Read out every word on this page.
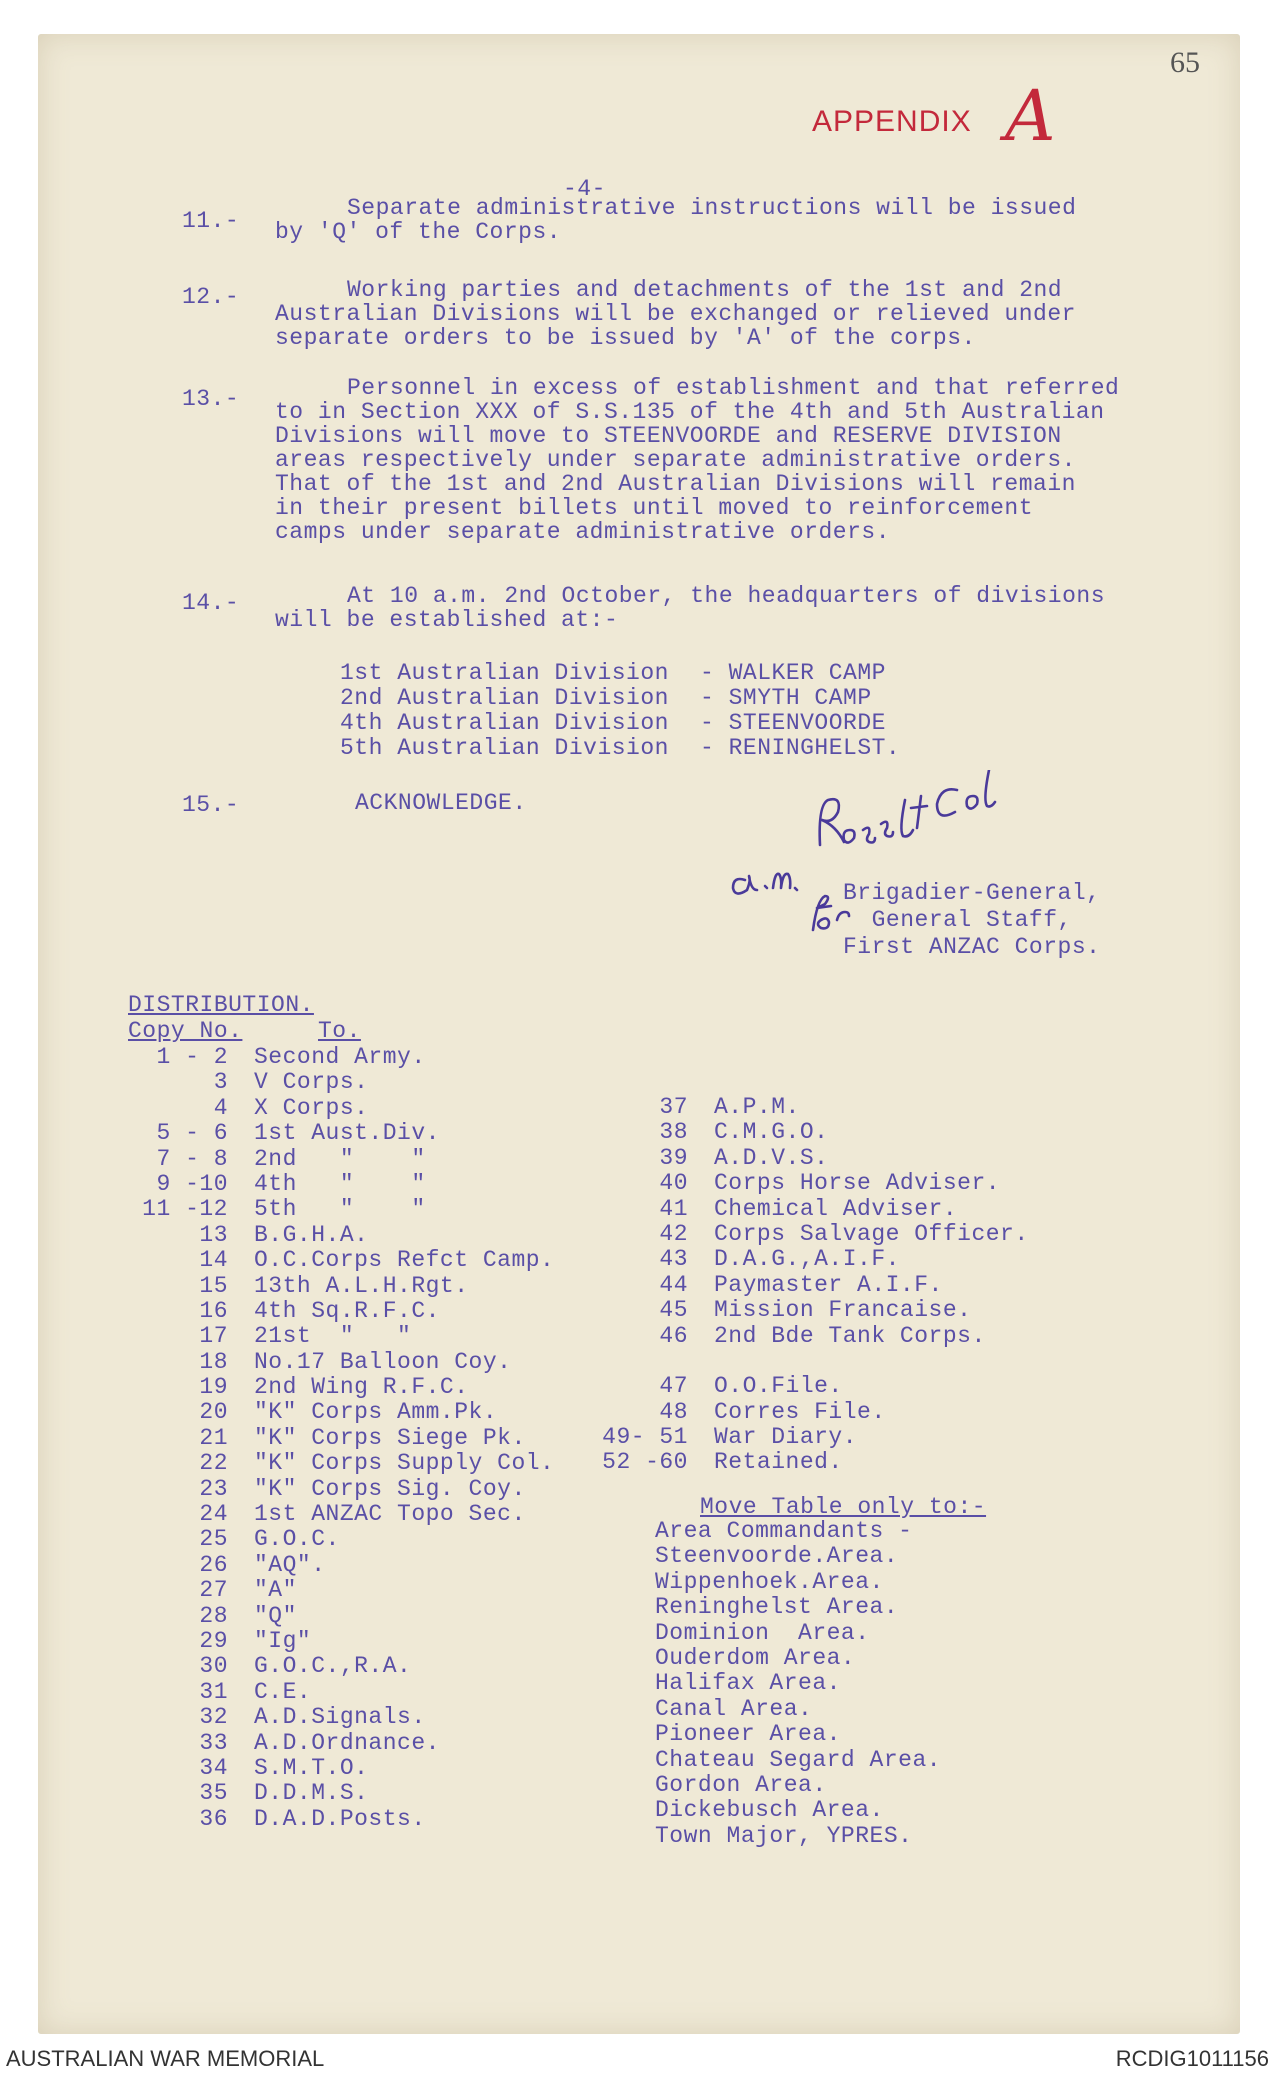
65
APPENDIX A
-4-
11.-	Separate administrative instructions will be issued
by 'Q' of the Corps.
12.-	Working parties and detachments of the 1st and 2nd
Australian Divisions will be exchanged or relieved under
separate orders to be issued by 'A' of the corps.
13.-	Personnel in excess of establishment and that referred
to in Section XXX of S.S.135 of the 4th and 5th Australian
Divisions will move to STEENVOORDE and RESERVE DIVISION
areas respectively under separate administrative orders.
That of the 1st and 2nd Australian Divisions will remain
in their present billets until moved to reinforcement
camps under separate administrative orders.
14.-	At 10 a.m. 2nd October, the headquarters of divisions
will be established at:-
1st Australian Division - WALKER CAMP
2nd Australian Division - SMYTH CAMP
4th Australian Division - STEENVOORDE
5th Australian Division - RENINGHELST.
15.-	ACKNOWLEDGE.
Brigadier-General,
General Staff,
First ANZAC Corps.
DISTRIBUTION.
Copy No.	To.
1 - 2 Second Army.
3 V Corps.
4 X Corps.
5 - 6 1st Aust.Div.
7 - 8 2nd   "    "
9 -10 4th   "    "
11 -12 5th   "    "
13 B.G.H.A.
14 O.C.Corps Refct Camp.
15 13th A.L.H.Rgt.
16 4th Sq.R.F.C.
17 21st  "   "
18 No.17 Balloon Coy.
19 2nd Wing R.F.C.
20 "K" Corps Amm.Pk.
21 "K" Corps Siege Pk.
22 "K" Corps Supply Col.
23 "K" Corps Sig. Coy.
24 1st ANZAC Topo Sec.
25 G.O.C.
26 "AQ".
27 "A"
28 "Q"
29 "Ig"
30 G.O.C.,R.A.
31 C.E.
32 A.D.Signals.
33 A.D.Ordnance.
34 S.M.T.O.
35 D.D.M.S.
36 D.A.D.Posts.
37 A.P.M.
38 C.M.G.O.
39 A.D.V.S.
40 Corps Horse Adviser.
41 Chemical Adviser.
42 Corps Salvage Officer.
43 D.A.G.,A.I.F.
44 Paymaster A.I.F.
45 Mission Francaise.
46 2nd Bde Tank Corps.
47 O.O.File.
48 Corres File.
49- 51 War Diary.
52 -60 Retained.
Move Table only to:-
Area Commandants -
Steenvoorde.Area.
Wippenhoek.Area.
Reninghelst Area.
Dominion  Area.
Ouderdom Area.
Halifax Area.
Canal Area.
Pioneer Area.
Chateau Segard Area.
Gordon Area.
Dickebusch Area.
Town Major, YPRES.
AUSTRALIAN WAR MEMORIAL	RCDIG1011156
